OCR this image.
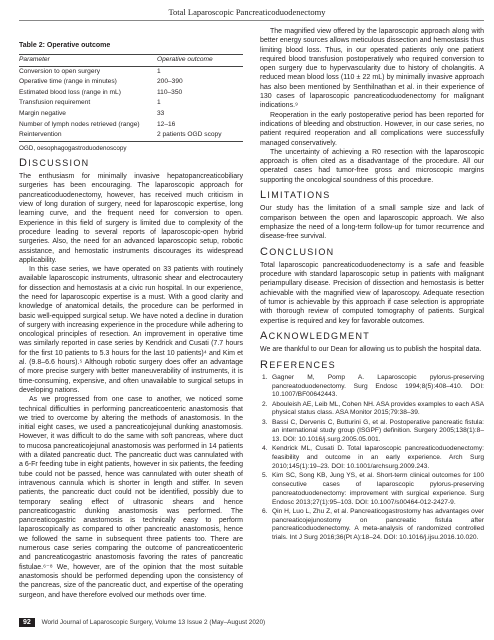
Total Laparoscopic Pancreaticoduodenectomy
Table 2: Operative outcome
Parameter	Operative outcome
Conversion to open surgery	1
Operative time (range in minutes)	200–390
Estimated blood loss (range in mL)	110–350
Transfusion requirement	1
Margin negative	33
Number of lymph nodes retrieved (range)	12–16
Reintervention	2 patients OGD scopy
OGD, oesophagogastroduodenoscopy
DISCUSSION

The enthusiasm for minimally invasive hepatopancreaticobiliary surgeries has been encouraging. The laparoscopic approach for pancreaticoduodenectomy, however, has received much criticism in view of long duration of surgery, need for laparoscopic expertise, long learning curve, and the frequent need for conversion to open. Experience in this field of surgery is limited due to complexity of the procedure leading to several reports of laparoscopic-open hybrid surgeries. Also, the need for an advanced laparoscopic setup, robotic assistance, and hemostatic instruments discourages its widespread applicability.

In this case series, we have operated on 33 patients with routinely available laparoscopic instruments, ultrasonic shear and electrocautery for dissection and hemostasis at a civic run hospital. In our experience, the need for laparoscopic expertise is a must. With a good clarity and knowledge of anatomical details, the procedure can be performed in basic well-equipped surgical setup. We have noted a decline in duration of surgery with increasing experience in the procedure while adhering to oncological principles of resection. An improvement in operative time was similarly reported in case series by Kendrick and Cusati (7.7 hours for the first 10 patients to 5.3 hours for the last 10 patients)⁴ and Kim et al. (9.8–6.6 hours).⁵ Although robotic surgery does offer an advantage of more precise surgery with better maneuverability of instruments, it is time-consuming, expensive, and often unavailable to surgical setups in developing nations.

As we progressed from one case to another, we noticed some technical difficulties in performing pancreaticoenteric anastomosis that we tried to overcome by altering the methods of anastomosis. In the initial eight cases, we used a pancreaticojejunal dunking anastomosis. However, it was difficult to do the same with soft pancreas, where duct to mucosa pancreaticojejunal anastomosis was performed in 14 patients with a dilated pancreatic duct. The pancreatic duct was cannulated with a 6-Fr feeding tube in eight patients, however in six patients, the feeding tube could not be passed, hence was cannulated with outer sheath of intravenous cannula which is shorter in length and stiffer. In seven patients, the pancreatic duct could not be identified, possibly due to temporary sealing effect of ultrasonic shears and hence pancreaticogastric dunking anastomosis was performed. The pancreaticogastric anastomosis is technically easy to perform laparoscopically as compared to other pancreatic anastomosis, hence we followed the same in subsequent three patients too. There are numerous case series comparing the outcome of pancreaticoenteric and pancreaticogastric anastomosis favoring the rates of pancreatic fistulae.⁶⁻⁸ We, however, are of the opinion that the most suitable anastomosis should be performed depending upon the consistency of the pancreas, size of the pancreatic duct, and expertise of the operating surgeon, and have therefore evolved our methods over time.

The magnified view offered by the laparoscopic approach along with better energy sources allows meticulous dissection and hemostasis thus limiting blood loss. Thus, in our operated patients only one patient required blood transfusion postoperatively who required conversion to open surgery due to hypervascularity due to history of cholangitis. A reduced mean blood loss (110 ± 22 mL) by minimally invasive approach has also been mentioned by Senthilnathan et al. in their experience of 130 cases of laparoscopic pancreaticoduodenectomy for malignant indications.⁹

Reoperation in the early postoperative period has been reported for indications of bleeding and obstruction. However, in our case series, no patient required reoperation and all complications were successfully managed conservatively.

The uncertainty of achieving a R0 resection with the laparoscopic approach is often cited as a disadvantage of the procedure. All our operated cases had tumor-free gross and microscopic margins supporting the oncological soundness of this procedure.

LIMITATIONS

Our study has the limitation of a small sample size and lack of comparison between the open and laparoscopic approach. We also emphasize the need of a long-term follow-up for tumor recurrence and disease-free survival.

CONCLUSION

Total laparoscopic pancreaticoduodenectomy is a safe and feasible procedure with standard laparoscopic setup in patients with malignant periampullary disease. Precision of dissection and hemostasis is better achievable with the magnified view of laparoscopy. Adequate resection of tumor is achievable by this approach if case selection is appropriate with thorough review of computed tomography of patients. Surgical expertise is required and key for favorable outcomes.

ACKNOWLEDGMENT

We are thankful to our Dean for allowing us to publish the hospital data.

REFERENCES
1. Gagner M, Pomp A. Laparoscopic pylorus-preserving pancreatoduodenectomy. Surg Endosc 1994;8(5):408–410. DOI: 10.1007/BF00642443.
2. Abouleish AE, Leib ML, Cohen NH. ASA provides examples to each ASA physical status class. ASA Monitor 2015;79:38–39.
3. Bassi C, Dervenis C, Butturini G, et al. Postoperative pancreatic fistula: an international study group (ISGPF) definition. Surgery 2005;138(1):8–13. DOI: 10.1016/j.surg.2005.05.001.
4. Kendrick ML, Cusati D. Total laparoscopic pancreaticoduodenectomy: feasibility and outcome in an early experience. Arch Surg 2010;145(1):19–23. DOI: 10.1001/archsurg.2009.243.
5. Kim SC, Song KB, Jung YS, et al. Short-term clinical outcomes for 100 consecutive cases of laparoscopic pylorus-preserving pancreatoduodenectomy: improvement with surgical experience. Surg Endosc 2013;27(1):95–103. DOI: 10.1007/s00464-012-2427-9.
6. Qin H, Luo L, Zhu Z, et al. Pancreaticogastrostomy has advantages over pancreaticojejunostomy on pancreatic fistula after pancreaticoduodenectomy. A meta-analysis of randomized controlled trials. Int J Surg 2016;36(Pt A):18–24. DOI: 10.1016/j.ijsu.2016.10.020.
92 World Journal of Laparoscopic Surgery, Volume 13 Issue 2 (May–August 2020)
